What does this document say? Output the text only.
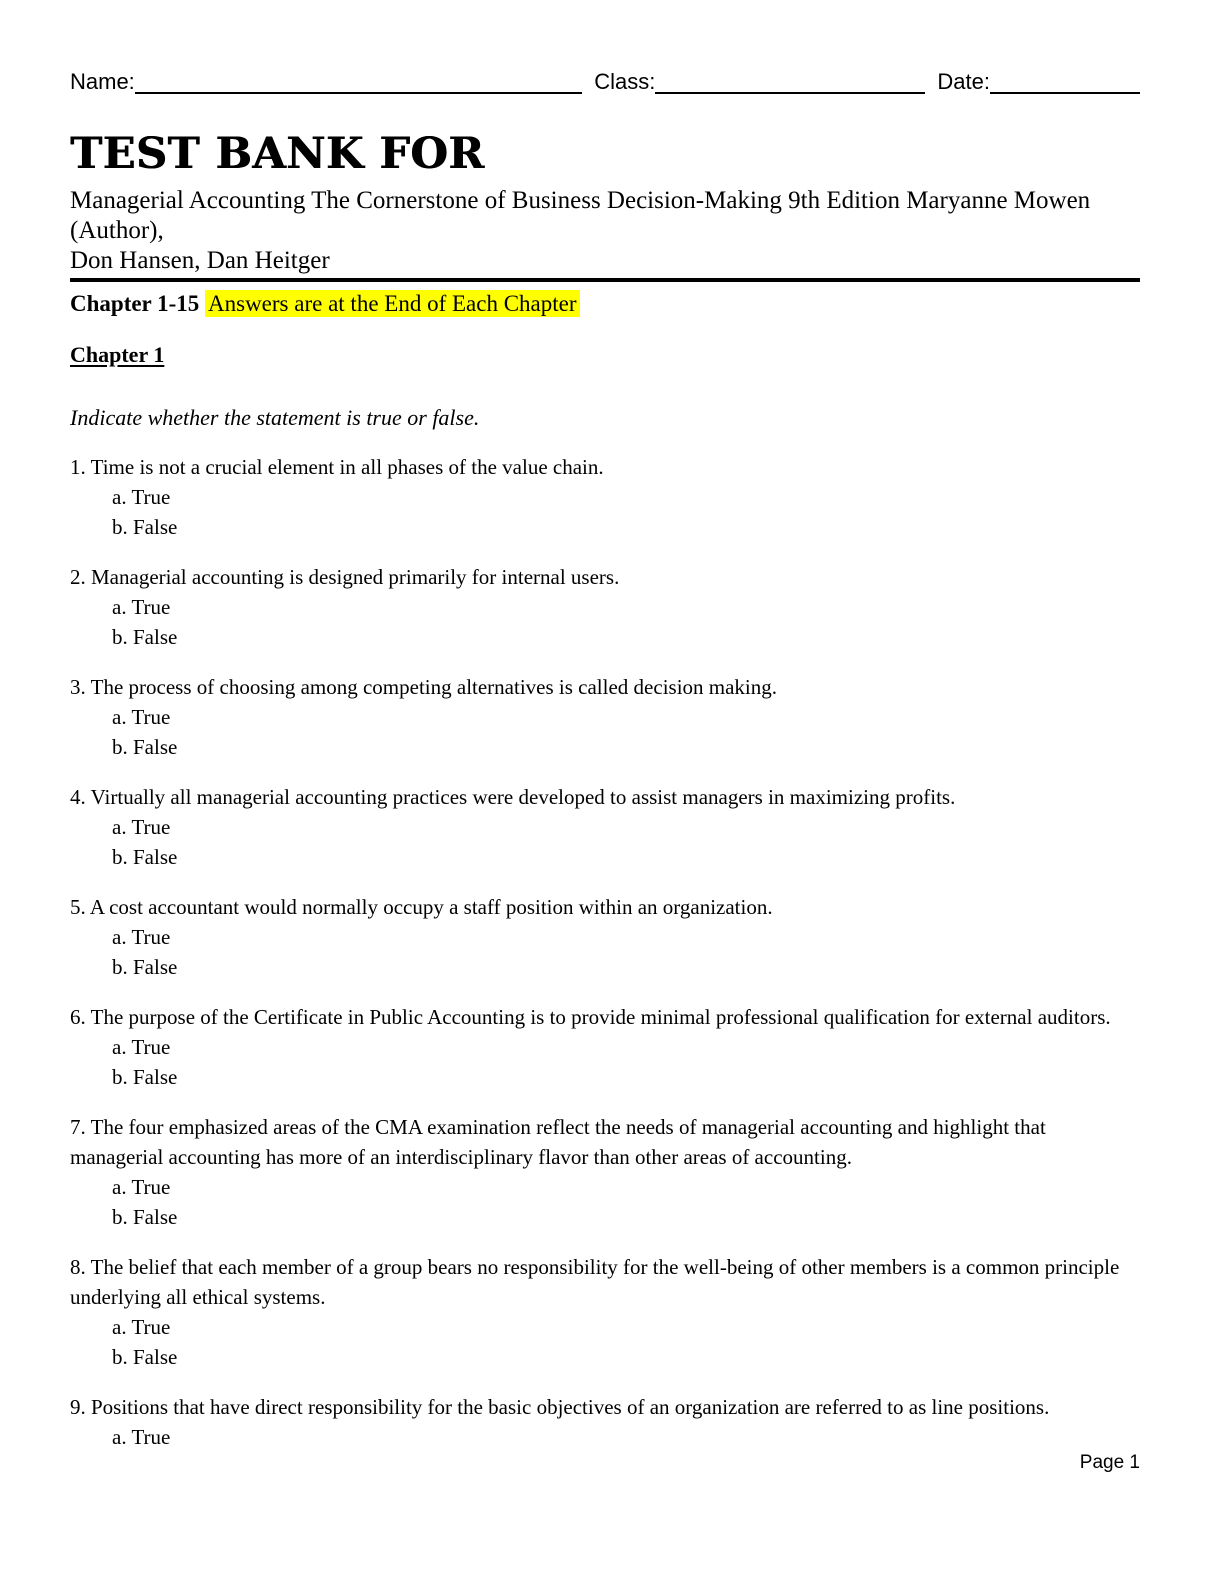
Name:	Class:	Date:
TEST BANK FOR
Managerial Accounting The Cornerstone of Business Decision-Making 9th Edition Maryanne Mowen (Author),
Don Hansen, Dan Heitger
Chapter 1-15 Answers are at the End of Each Chapter
Chapter 1
Indicate whether the statement is true or false.
1. Time is not a crucial element in all phases of the value chain.
a. True
b. False
2. Managerial accounting is designed primarily for internal users.
a. True
b. False
3. The process of choosing among competing alternatives is called decision making.
a. True
b. False
4. Virtually all managerial accounting practices were developed to assist managers in maximizing profits.
a. True
b. False
5. A cost accountant would normally occupy a staff position within an organization.
a. True
b. False
6. The purpose of the Certificate in Public Accounting is to provide minimal professional qualification for external auditors.
a. True
b. False
7. The four emphasized areas of the CMA examination reflect the needs of managerial accounting and highlight that managerial accounting has more of an interdisciplinary flavor than other areas of accounting.
a. True
b. False
8. The belief that each member of a group bears no responsibility for the well-being of other members is a common principle underlying all ethical systems.
a. True
b. False
9. Positions that have direct responsibility for the basic objectives of an organization are referred to as line positions.
a. True
Page 1
